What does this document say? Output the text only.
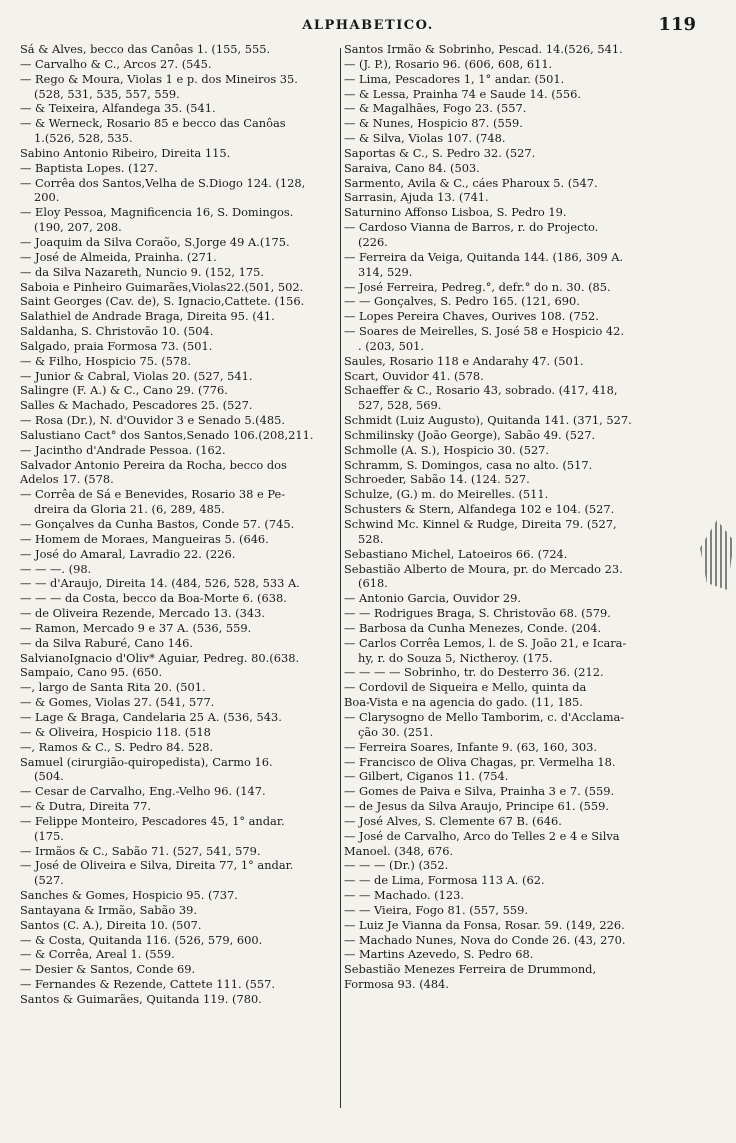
ALPHABETICO.	119
Sá & Alves, becco das Canôas 1. (155, 555.
— Carvalho & C., Arcos 27. (545.
— Rego & Moura, Violas 1 e p. dos Mineiros 35.
(528, 531, 535, 557, 559.
— & Teixeira, Alfandega 35. (541.
— & Werneck, Rosario 85 e becco das Canôas
1.(526, 528, 535.
Sabino Antonio Ribeiro, Direita 115.
— Baptista Lopes. (127.
— Corrêa dos Santos,Velha de S.Diogo 124. (128,
200.
— Eloy Pessoa, Magnificencia 16, S. Domingos.
(190, 207, 208.
— Joaquim da Silva Coraõo, S.Jorge 49 A.(175.
— José de Almeida, Prainha. (271.
— da Silva Nazareth, Nuncio 9. (152, 175.
Saboia e Pinheiro Guimarães,Violas22.(501, 502.
Saint Georges (Cav. de), S. Ignacio,Cattete. (156.
Salathiel de Andrade Braga, Direita 95. (41.
Saldanha, S. Christovão 10. (504.
Salgado, praia Formosa 73. (501.
— & Filho, Hospicio 75. (578.
— Junior & Cabral, Violas 20. (527, 541.
Salingre (F. A.) & C., Cano 29. (776.
Salles & Machado, Pescadores 25. (527.
— Rosa (Dr.), N. d'Ouvidor 3 e Senado 5.(485.
Salustiano Cact° dos Santos,Senado 106.(208,211.
— Jacintho d'Andrade Pessoa. (162.
Salvador Antonio Pereira da Rocha, becco dos
Adelos 17. (578.
— Corrêa de Sá e Benevides, Rosario 38 e Pe-
dreira da Gloria 21. (6, 289, 485.
— Gonçalves da Cunha Bastos, Conde 57. (745.
— Homem de Moraes, Mangueiras 5. (646.
— José do Amaral, Lavradio 22. (226.
— — —. (98.
— — d'Araujo, Direita 14. (484, 526, 528, 533 A.
— — — da Costa, becco da Boa-Morte 6. (638.
— de Oliveira Rezende, Mercado 13. (343.
— Ramon, Mercado 9 e 37 A. (536, 559.
— da Silva Raburé, Cano 146.
SalvianoIgnacio d'Oliv* Aguiar, Pedreg. 80.(638.
Sampaio, Cano 95. (650.
—, largo de Santa Rita 20. (501.
— & Gomes, Violas 27. (541, 577.
— Lage & Braga, Candelaria 25 A. (536, 543.
— & Oliveira, Hospicio 118. (518
—, Ramos & C., S. Pedro 84. 528.
Samuel (cirurgião-quiropedista), Carmo 16.
(504.
— Cesar de Carvalho, Eng.-Velho 96. (147.
— & Dutra, Direita 77.
— Felippe Monteiro, Pescadores 45, 1° andar.
(175.
— Irmãos & C., Sabão 71. (527, 541, 579.
— José de Oliveira e Silva, Direita 77, 1° andar.
(527.
Sanches & Gomes, Hospicio 95. (737.
Santayana & Irmão, Sabão 39.
Santos (C. A.), Direita 10. (507.
— & Costa, Quitanda 116. (526, 579, 600.
— & Corrêa, Areal 1. (559.
— Desier & Santos, Conde 69.
— Fernandes & Rezende, Cattete 111. (557.
Santos & Guimarães, Quitanda 119. (780.
Santos Irmão & Sobrinho, Pescad. 14.(526, 541.
— (J. P.), Rosario 96. (606, 608, 611.
— Lima, Pescadores 1, 1° andar. (501.
— & Lessa, Prainha 74 e Saude 14. (556.
— & Magalhães, Fogo 23. (557.
— & Nunes, Hospicio 87. (559.
— & Silva, Violas 107. (748.
Saportas & C., S. Pedro 32. (527.
Saraiva, Cano 84. (503.
Sarmento, Avila & C., cáes Pharoux 5. (547.
Sarrasin, Ajuda 13. (741.
Saturnino Affonso Lisboa, S. Pedro 19.
— Cardoso Vianna de Barros, r. do Projecto.
(226.
— Ferreira da Veiga, Quitanda 144. (186, 309 A.
314, 529.
— José Ferreira, Pedreg.°, defr.° do n. 30. (85.
— — Gonçalves, S. Pedro 165. (121, 690.
— Lopes Pereira Chaves, Ourives 108. (752.
— Soares de Meirelles, S. José 58 e Hospicio 42.
. (203, 501.
Saules, Rosario 118 e Andarahy 47. (501.
Scart, Ouvidor 41. (578.
Schaeffer & C., Rosario 43, sobrado. (417, 418,
527, 528, 569.
Schmidt (Luiz Augusto), Quitanda 141. (371, 527.
Schmilinsky (João George), Sabão 49. (527.
Schmolle (A. S.), Hospicio 30. (527.
Schramm, S. Domingos, casa no alto. (517.
Schroeder, Sabão 14. (124. 527.
Schulze, (G.) m. do Meirelles. (511.
Schusters & Stern, Alfandega 102 e 104. (527.
Schwind Mc. Kinnel & Rudge, Direita 79. (527,
528.
Sebastiano Michel, Latoeiros 66. (724.
Sebastião Alberto de Moura, pr. do Mercado 23.
(618.
— Antonio Garcia, Ouvidor 29.
— — Rodrigues Braga, S. Christovão 68. (579.
— Barbosa da Cunha Menezes, Conde. (204.
— Carlos Corrêa Lemos, l. de S. João 21, e Icara-
hy, r. do Souza 5, Nictheroy. (175.
— — — — Sobrinho, tr. do Desterro 36. (212.
— Cordovil de Siqueira e Mello, quinta da
Boa-Vista e na agencia do gado. (11, 185.
— Clarysogno de Mello Tamborim, c. d'Acclama-
ção 30. (251.
— Ferreira Soares, Infante 9. (63, 160, 303.
— Francisco de Oliva Chagas, pr. Vermelha 18.
— Gilbert, Ciganos 11. (754.
— Gomes de Paiva e Silva, Prainha 3 e 7. (559.
— de Jesus da Silva Araujo, Principe 61. (559.
— José Alves, S. Clemente 67 B. (646.
— José de Carvalho, Arco do Telles 2 e 4 e Silva
Manoel. (348, 676.
— — — (Dr.) (352.
— — de Lima, Formosa 113 A. (62.
— — Machado. (123.
— — Vieira, Fogo 81. (557, 559.
— Luiz Je Vianna da Fonsa, Rosar. 59. (149, 226.
— Machado Nunes, Nova do Conde 26. (43, 270.
— Martins Azevedo, S. Pedro 68.
Sebastião Menezes Ferreira de Drummond,
Formosa 93. (484.
